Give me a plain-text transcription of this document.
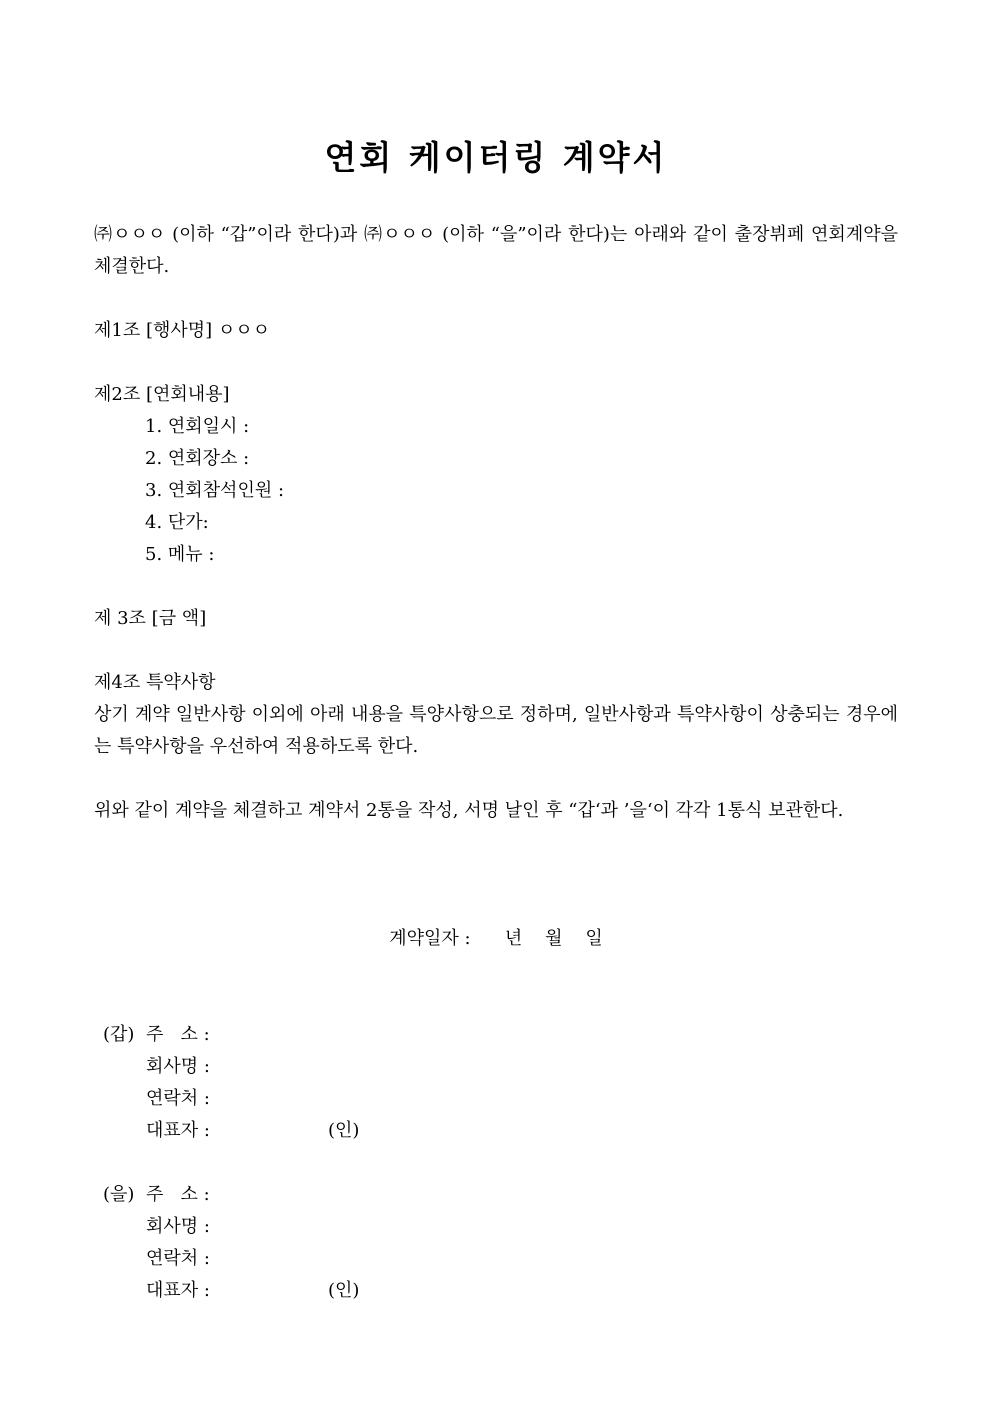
연회 케이터링 계약서
㈜ㅇㅇㅇ (이하 “갑”이라 한다)과 ㈜ㅇㅇㅇ (이하 “을”이라 한다)는 아래와 같이 출장뷔페 연회계약을 체결한다.
제1조 [행사명] ㅇㅇㅇ
제2조 [연회내용]
1. 연회일시 :
2. 연회장소 :
3. 연회참석인원 :
4. 단가:
5. 메뉴 :
제 3조 [금 액]
제4조 특약사항
상기 계약 일반사항 이외에 아래 내용을 특양사항으로 정하며, 일반사항과 특약사항이 상충되는 경우에는 특약사항을 우선하여 적용하도록 한다.
위와 같이 계약을 체결하고 계약서 2통을 작성, 서명 날인 후 “갑‘과 ’을‘이 각각 1통식 보관한다.
계약일자 :      년    월    일
(갑) 주   소 :
회사명 :
연락처 :
대표자 :	(인)
(을) 주   소 :
회사명 :
연락처 :
대표자 :	(인)
